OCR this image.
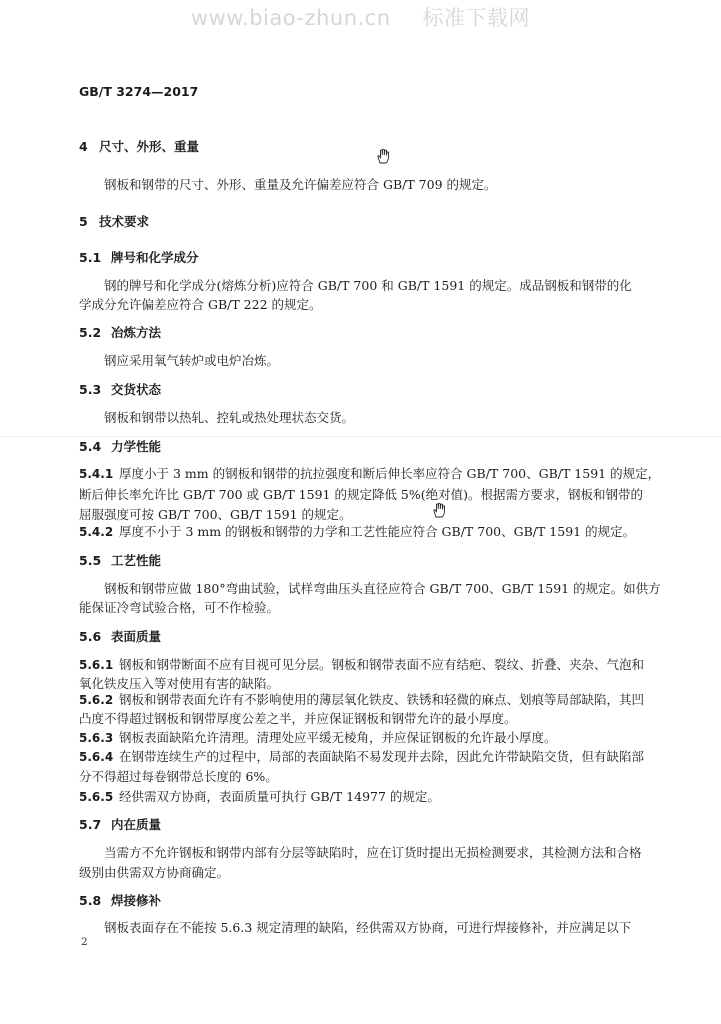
www.biao-zhun.cn 标准下载网
GB/T 3274—2017
4 尺寸、外形、重量
钢板和钢带的尺寸、外形、重量及允许偏差应符合 GB/T 709 的规定。
5 技术要求
5.1 牌号和化学成分
钢的牌号和化学成分(熔炼分析)应符合 GB/T 700 和 GB/T 1591 的规定。成品钢板和钢带的化
学成分允许偏差应符合 GB/T 222 的规定。
5.2 冶炼方法
钢应采用氧气转炉或电炉冶炼。
5.3 交货状态
钢板和钢带以热轧、控轧或热处理状态交货。
5.4 力学性能
5.4.1 厚度小于 3 mm 的钢板和钢带的抗拉强度和断后伸长率应符合 GB/T 700、GB/T 1591 的规定，
断后伸长率允许比 GB/T 700 或 GB/T 1591 的规定降低 5%(绝对值)。根据需方要求，钢板和钢带的
屈服强度可按 GB/T 700、GB/T 1591 的规定。
5.4.2 厚度不小于 3 mm 的钢板和钢带的力学和工艺性能应符合 GB/T 700、GB/T 1591 的规定。
5.5 工艺性能
钢板和钢带应做 180°弯曲试验，试样弯曲压头直径应符合 GB/T 700、GB/T 1591 的规定。如供方
能保证冷弯试验合格，可不作检验。
5.6 表面质量
5.6.1 钢板和钢带断面不应有目视可见分层。钢板和钢带表面不应有结疤、裂纹、折叠、夹杂、气泡和
氧化铁皮压入等对使用有害的缺陷。
5.6.2 钢板和钢带表面允许有不影响使用的薄层氧化铁皮、铁锈和轻微的麻点、划痕等局部缺陷，其凹
凸度不得超过钢板和钢带厚度公差之半，并应保证钢板和钢带允许的最小厚度。
5.6.3 钢板表面缺陷允许清理。清理处应平缓无棱角，并应保证钢板的允许最小厚度。
5.6.4 在钢带连续生产的过程中，局部的表面缺陷不易发现并去除，因此允许带缺陷交货，但有缺陷部
分不得超过每卷钢带总长度的 6%。
5.6.5 经供需双方协商，表面质量可执行 GB/T 14977 的规定。
5.7 内在质量
当需方不允许钢板和钢带内部有分层等缺陷时，应在订货时提出无损检测要求，其检测方法和合格
级别由供需双方协商确定。
5.8 焊接修补
钢板表面存在不能按 5.6.3 规定清理的缺陷，经供需双方协商，可进行焊接修补，并应满足以下
2
